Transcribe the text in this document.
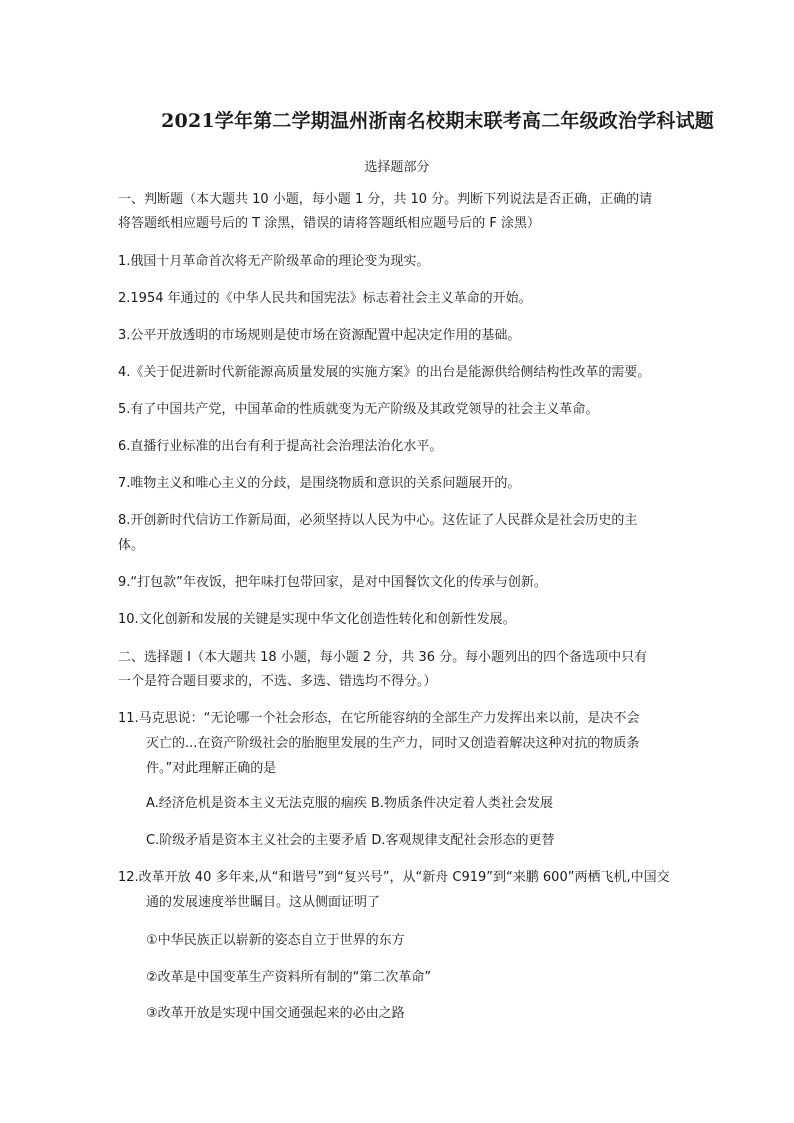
2021学年第二学期温州浙南名校期末联考高二年级政治学科试题
选择题部分
一、判断题（本大题共 10 小题，每小题 1 分，共 10 分。判断下列说法是否正确，正确的请
将答题纸相应题号后的 T 涂黑，错误的请将答题纸相应题号后的 F 涂黑）
1.俄国十月革命首次将无产阶级革命的理论变为现实。
2.1954 年通过的《中华人民共和国宪法》标志着社会主义革命的开始。
3.公平开放透明的市场规则是使市场在资源配置中起决定作用的基础。
4.《关于促进新时代新能源高质量发展的实施方案》的出台是能源供给侧结构性改革的需要。
5.有了中国共产党，中国革命的性质就变为无产阶级及其政党领导的社会主义革命。
6.直播行业标准的出台有利于提高社会治理法治化水平。
7.唯物主义和唯心主义的分歧，是围绕物质和意识的关系问题展开的。
8.开创新时代信访工作新局面，必须坚持以人民为中心。这佐证了人民群众是社会历史的主
体。
9.“打包款”年夜饭，把年味打包带回家，是对中国餐饮文化的传承与创新。
10.文化创新和发展的关键是实现中华文化创造性转化和创新性发展。
二、选择题 I（本大题共 18 小题，每小题 2 分，共 36 分。每小题列出的四个备选项中只有
一个是符合题目要求的，不选、多选、错选均不得分。）
11.马克思说：“无论哪一个社会形态，在它所能容纳的全部生产力发挥出来以前，是决不会
灭亡的...在资产阶级社会的胎胞里发展的生产力，同时又创造着解决这种对抗的物质条
件。”对此理解正确的是
A.经济危机是资本主义无法克服的痼疾 B.物质条件决定着人类社会发展
C.阶级矛盾是资本主义社会的主要矛盾 D.客观规律支配社会形态的更替
12.改革开放 40 多年来,从“和谐号”到“复兴号”，从“新舟 C919”到“来鹏 600”两栖飞机,中国交
通的发展速度举世瞩目。这从侧面证明了
①中华民族正以崭新的姿态自立于世界的东方
②改革是中国变革生产资料所有制的“第二次革命”
③改革开放是实现中国交通强起来的必由之路
